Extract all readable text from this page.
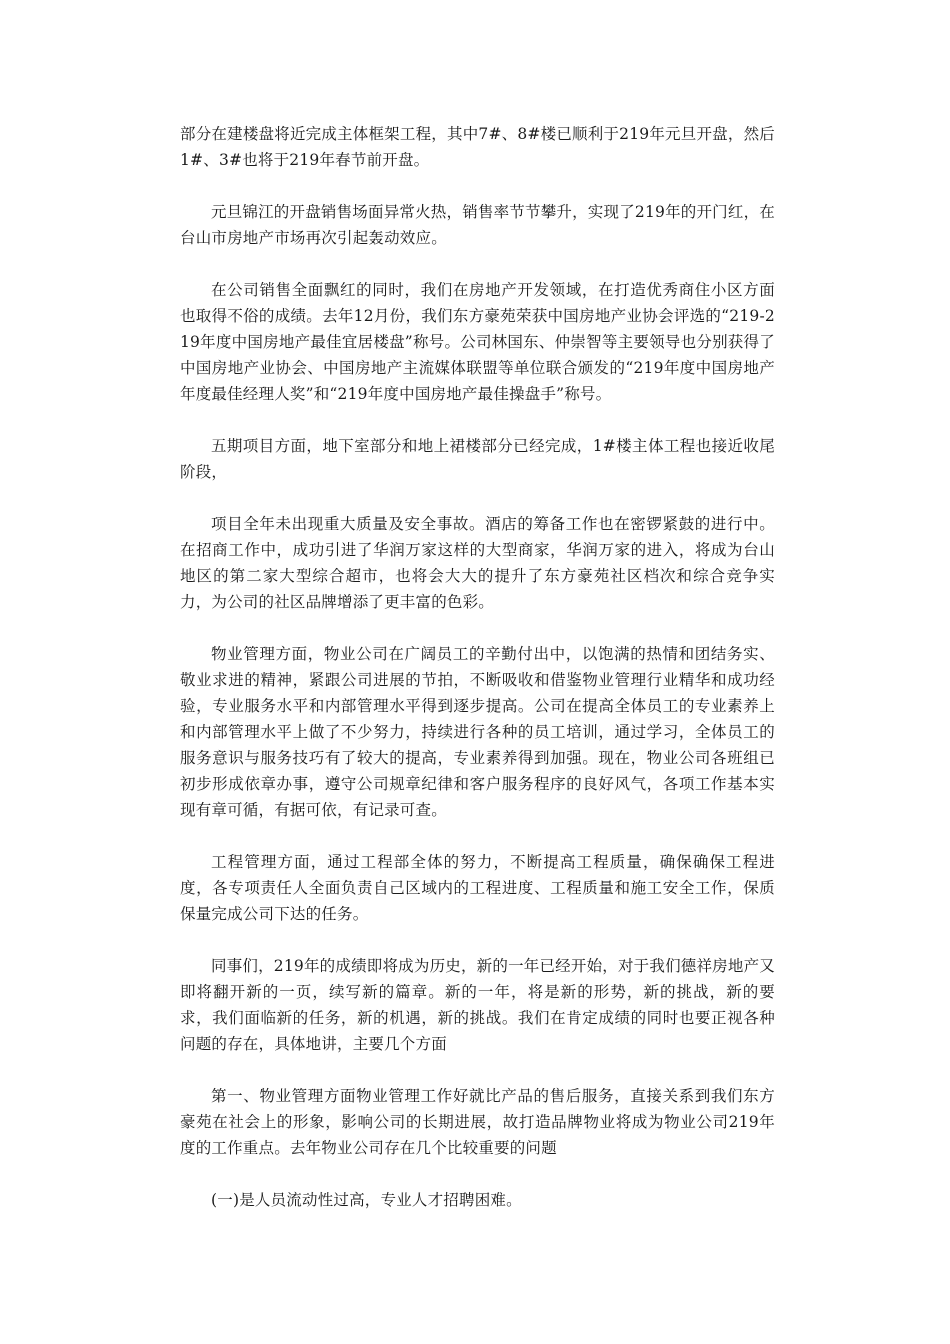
部分在建楼盘将近完成主体框架工程，其中7#、8#楼已顺利于219年元旦开盘，然后1#、3#也将于219年春节前开盘。

元旦锦江的开盘销售场面异常火热，销售率节节攀升，实现了219年的开门红，在台山市房地产市场再次引起轰动效应。

在公司销售全面飘红的同时，我们在房地产开发领域，在打造优秀商住小区方面也取得不俗的成绩。去年12月份，我们东方豪苑荣获中国房地产业协会评选的“219-219年度中国房地产最佳宜居楼盘”称号。公司林国东、仲崇智等主要领导也分别获得了中国房地产业协会、中国房地产主流媒体联盟等单位联合颁发的“219年度中国房地产年度最佳经理人奖”和“219年度中国房地产最佳操盘手”称号。

五期项目方面，地下室部分和地上裙楼部分已经完成，1#楼主体工程也接近收尾阶段，

项目全年未出现重大质量及安全事故。酒店的筹备工作也在密锣紧鼓的进行中。在招商工作中，成功引进了华润万家这样的大型商家，华润万家的进入，将成为台山地区的第二家大型综合超市，也将会大大的提升了东方豪苑社区档次和综合竞争实力，为公司的社区品牌增添了更丰富的色彩。

物业管理方面，物业公司在广阔员工的辛勤付出中，以饱满的热情和团结务实、敬业求进的精神，紧跟公司进展的节拍，不断吸收和借鉴物业管理行业精华和成功经验，专业服务水平和内部管理水平得到逐步提高。公司在提高全体员工的专业素养上和内部管理水平上做了不少努力，持续进行各种的员工培训，通过学习，全体员工的服务意识与服务技巧有了较大的提高，专业素养得到加强。现在，物业公司各班组已初步形成依章办事，遵守公司规章纪律和客户服务程序的良好风气，各项工作基本实现有章可循，有据可依，有记录可查。

工程管理方面，通过工程部全体的努力，不断提高工程质量，确保确保工程进度，各专项责任人全面负责自己区域内的工程进度、工程质量和施工安全工作，保质保量完成公司下达的任务。

同事们，219年的成绩即将成为历史，新的一年已经开始，对于我们德祥房地产又即将翻开新的一页，续写新的篇章。新的一年，将是新的形势，新的挑战，新的要求，我们面临新的任务，新的机遇，新的挑战。我们在肯定成绩的同时也要正视各种问题的存在，具体地讲，主要几个方面

第一、物业管理方面物业管理工作好就比产品的售后服务，直接关系到我们东方豪苑在社会上的形象，影响公司的长期进展，故打造品牌物业将成为物业公司219年度的工作重点。去年物业公司存在几个比较重要的问题

(一)是人员流动性过高，专业人才招聘困难。
